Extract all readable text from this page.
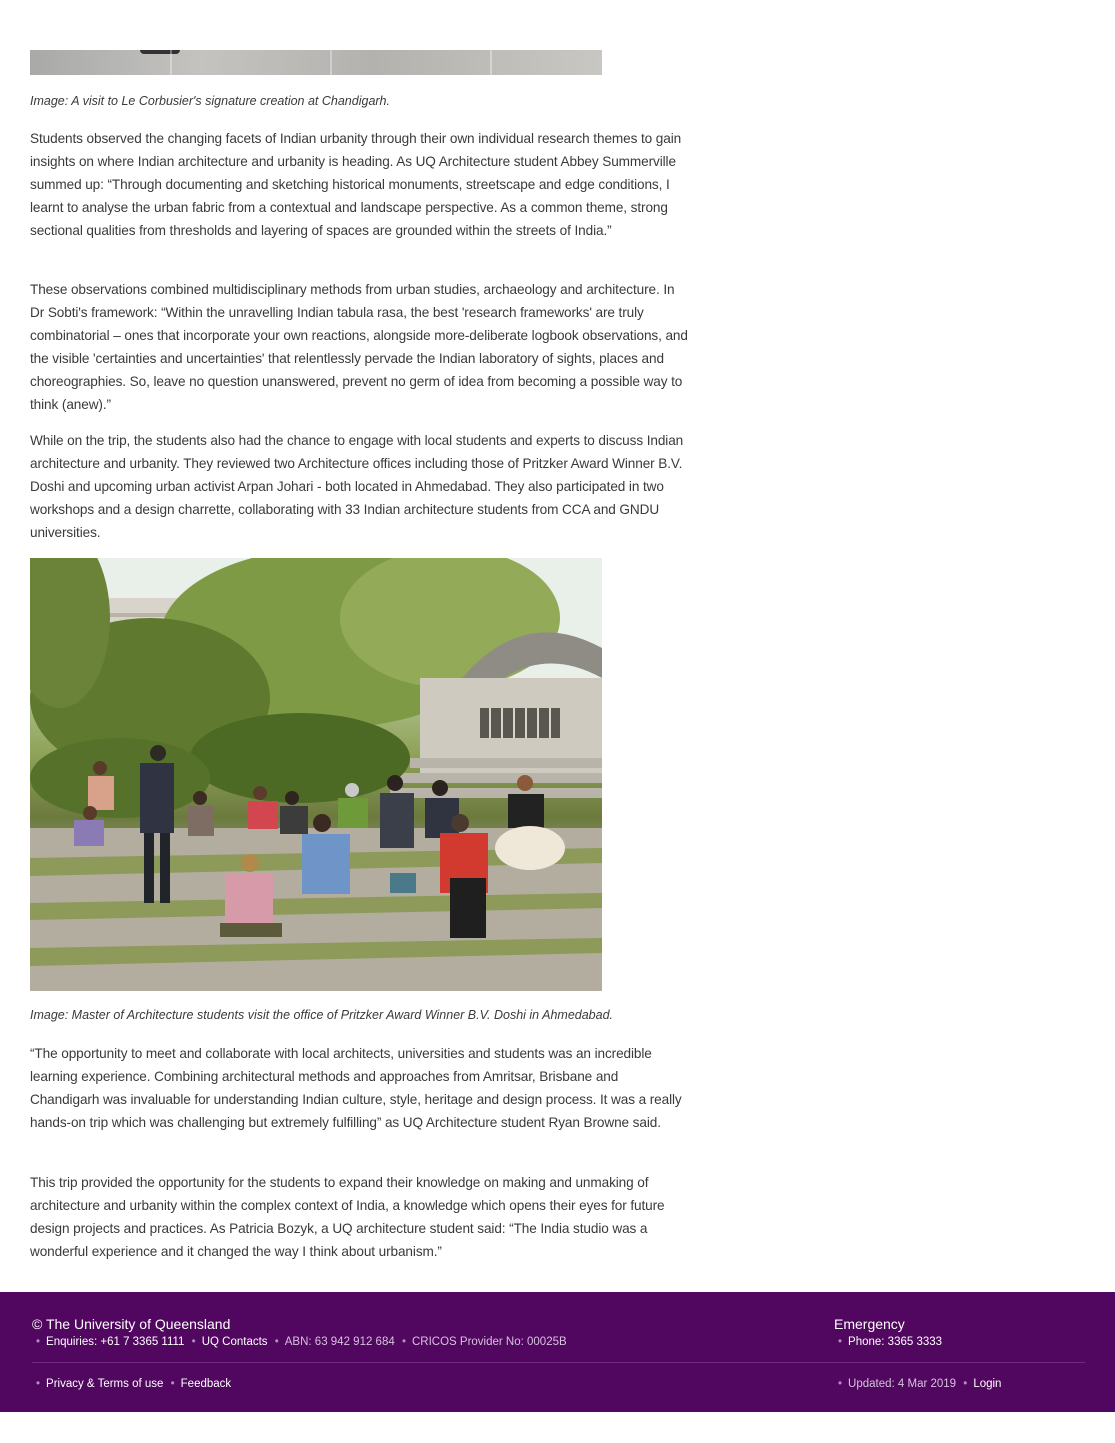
Image: A visit to Le Corbusier's signature creation at Chandigarh.

Students observed the changing facets of Indian urbanity through their own individual research themes to gain insights on where Indian architecture and urbanity is heading. As UQ Architecture student Abbey Summerville summed up: “Through documenting and sketching historical monuments, streetscape and edge conditions, I learnt to analyse the urban fabric from a contextual and landscape perspective. As a common theme, strong sectional qualities from thresholds and layering of spaces are grounded within the streets of India.”

These observations combined multidisciplinary methods from urban studies, archaeology and architecture. In Dr Sobti's framework: “Within the unravelling Indian tabula rasa, the best 'research frameworks' are truly combinatorial – ones that incorporate your own reactions, alongside more-deliberate logbook observations, and the visible 'certainties and uncertainties' that relentlessly pervade the Indian laboratory of sights, places and choreographies. So, leave no question unanswered, prevent no germ of idea from becoming a possible way to think (anew).”

While on the trip, the students also had the chance to engage with local students and experts to discuss Indian architecture and urbanity. They reviewed two Architecture offices including those of Pritzker Award Winner B.V. Doshi and upcoming urban activist Arpan Johari - both located in Ahmedabad. They also participated in two workshops and a design charrette, collaborating with 33 Indian architecture students from CCA and GNDU universities.

Image: Master of Architecture students visit the office of Pritzker Award Winner B.V. Doshi in Ahmedabad.

“The opportunity to meet and collaborate with local architects, universities and students was an incredible learning experience. Combining architectural methods and approaches from Amritsar, Brisbane and Chandigarh was invaluable for understanding Indian culture, style, heritage and design process. It was a really hands-on trip which was challenging but extremely fulfilling” as UQ Architecture student Ryan Browne said.

This trip provided the opportunity for the students to expand their knowledge on making and unmaking of architecture and urbanity within the complex context of India, a knowledge which opens their eyes for future design projects and practices. As Patricia Bozyk, a UQ architecture student said: “The India studio was a wonderful experience and it changed the way I think about urbanism.”

© The University of Queensland
• Enquiries: +61 7 3365 1111 • UQ Contacts • ABN: 63 942 912 684 • CRICOS Provider No: 00025B
Emergency
• Phone: 3365 3333
• Privacy & Terms of use • Feedback	• Updated: 4 Mar 2019 • Login
